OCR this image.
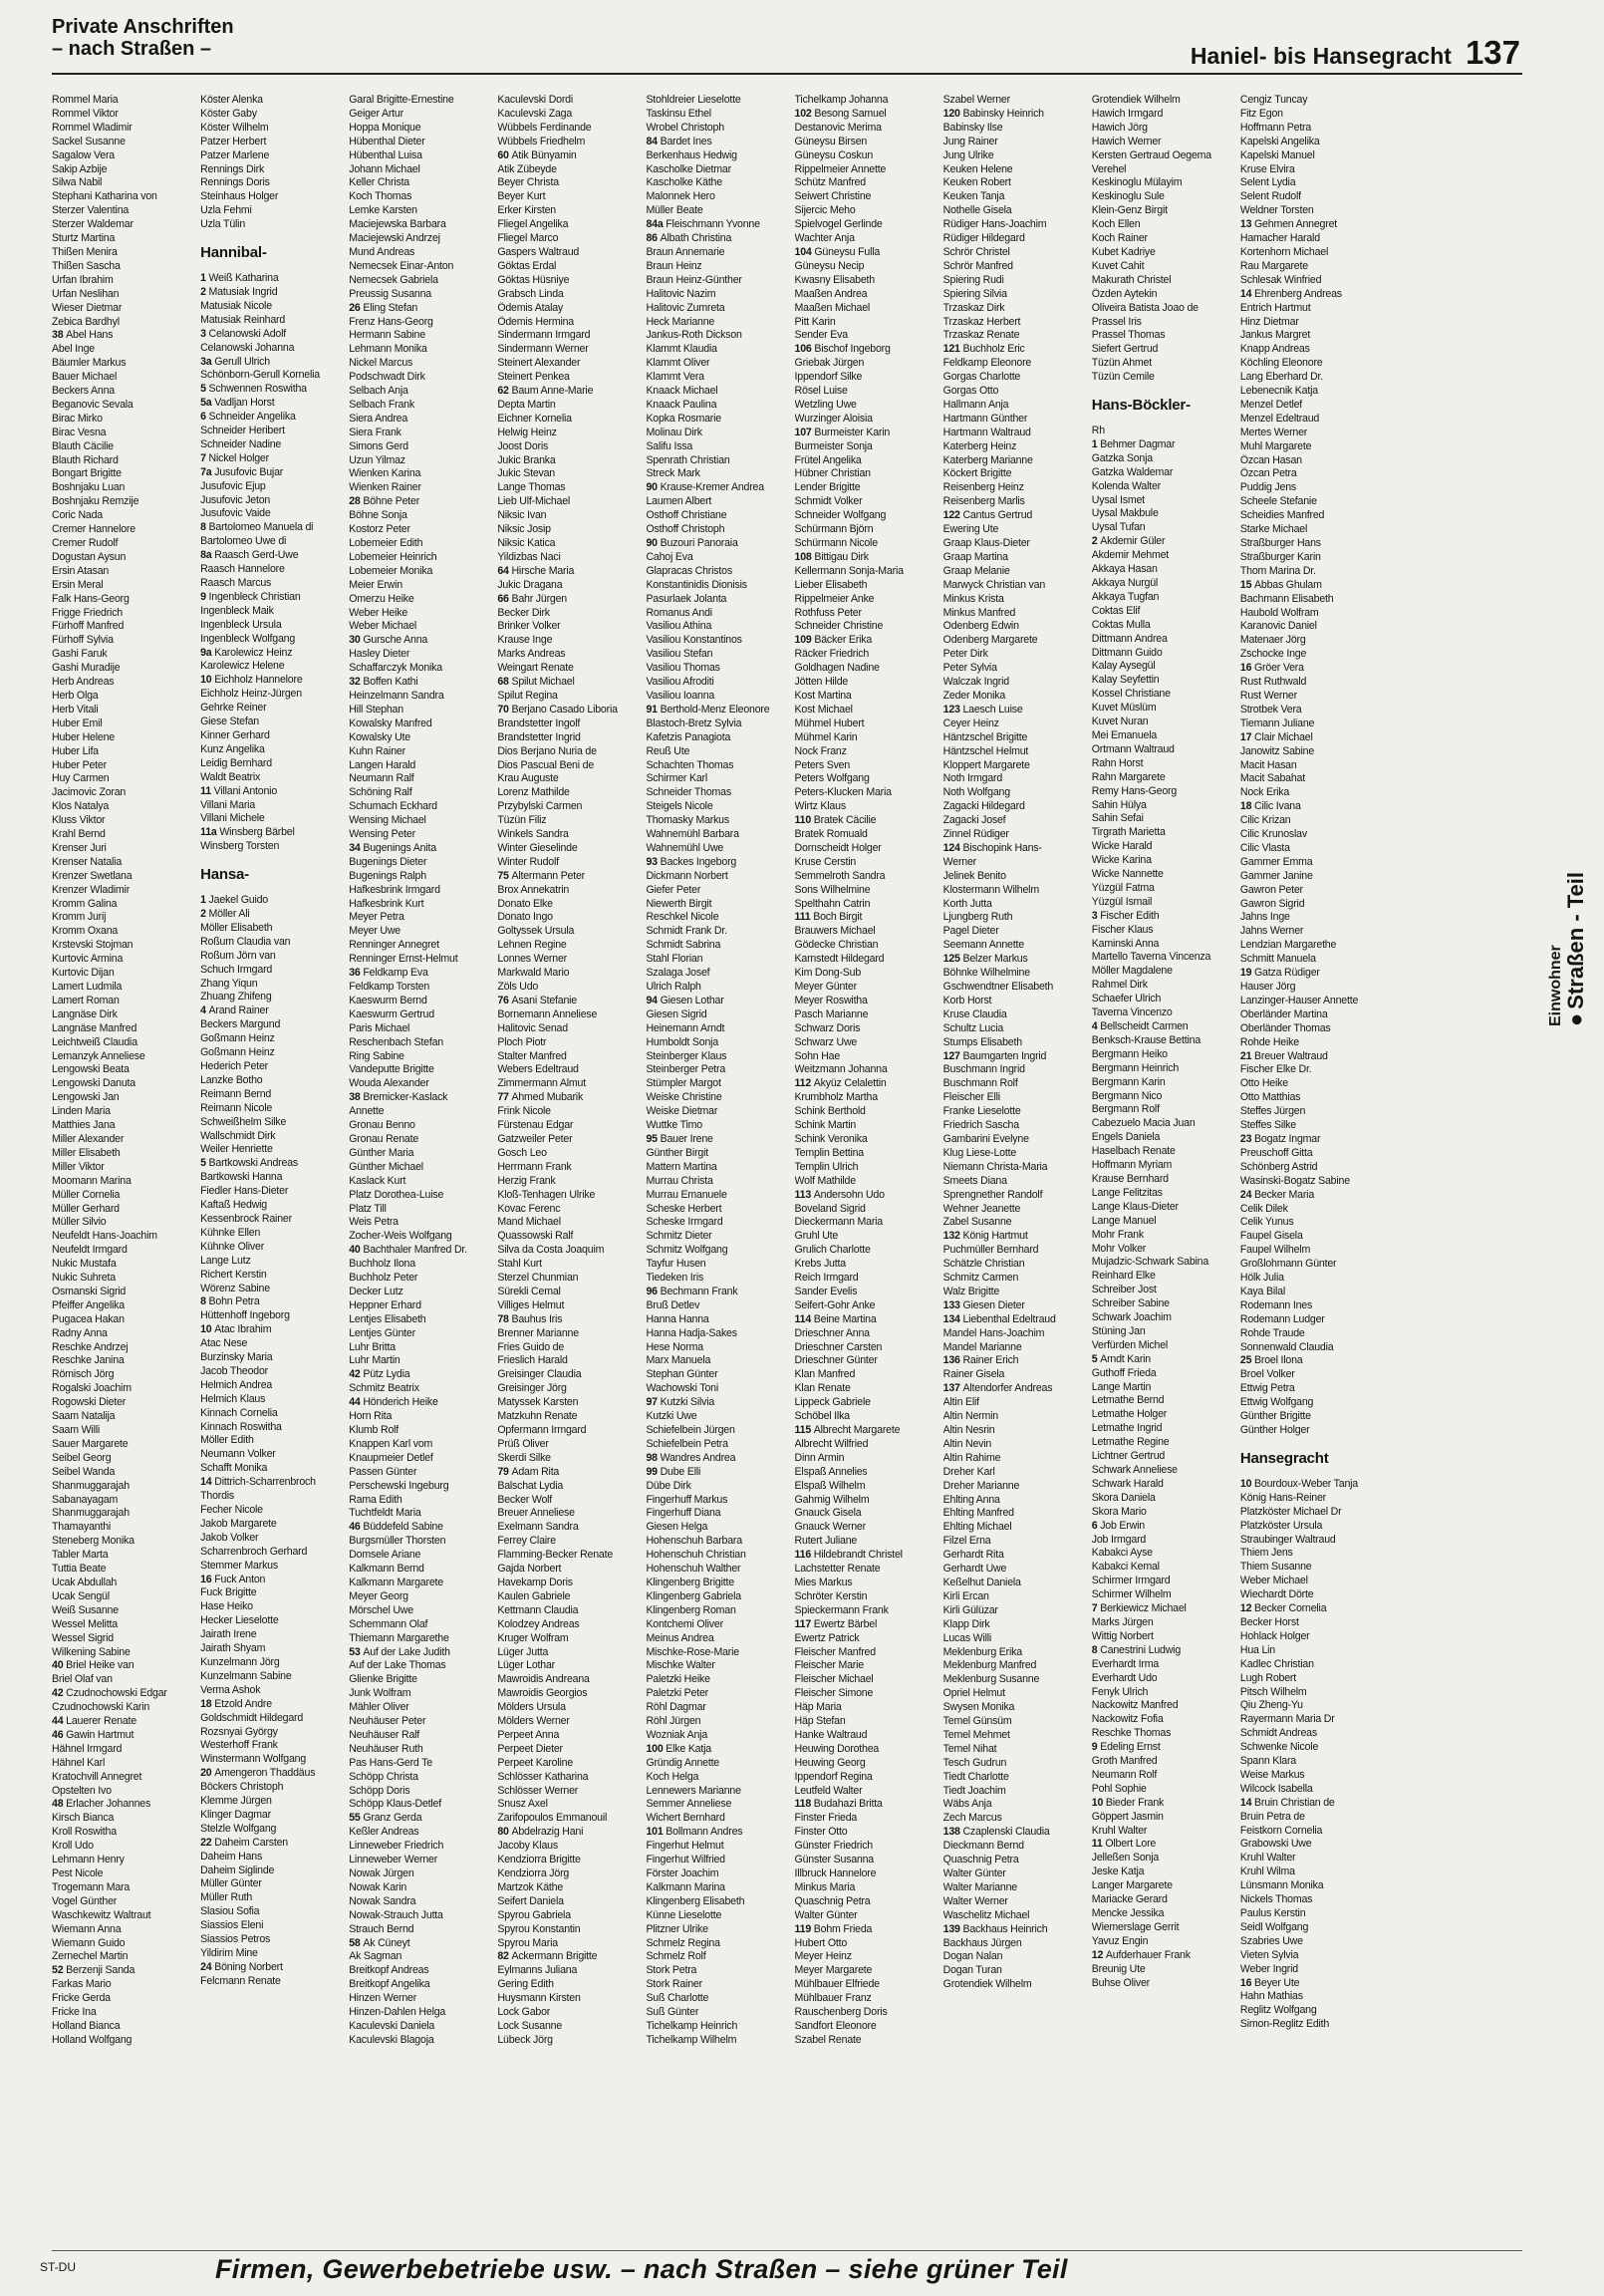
Private Anschriften
– nach Straßen –	Haniel- bis Hansegracht 137
Rommel Maria
Rommel Viktor
Rommel Wladimir
Sackel Susanne
Sagalow Vera
Sakip Azbije
Silwa Nabil
Stephani Katharina von
Sterzer Valentina
Sterzer Waldemar
Sturtz Martina
Thißen Menira
Thißen Sascha
Urfan Ibrahim
Urfan Neslihan
Wieser Dietmar
Zebica Bardhyl
38 Abel Hans
Abel Inge
Bäumler Markus
Bauer Michael
Beckers Anna
Beganovic Sevala
Birac Mirko
Birac Vesna
Blauth Cäcilie
Blauth Richard
Bongart Brigitte
Boshnjaku Luan
Boshnjaku Remzije
Coric Nada
Cremer Hannelore
Cremer Rudolf
Dogustan Aysun
Ersin Atasan
Ersin Meral
Falk Hans-Georg
Frigge Friedrich
Fürhoff Manfred
Fürhoff Sylvia
Gashi Faruk
Gashi Muradije
Herb Andreas
Herb Olga
Herb Vitali
Huber Emil
Huber Helene
Huber Lifa
Huber Peter
Huy Carmen
Jacimovic Zoran
Klos Natalya
Kluss Viktor
Krahl Bernd
Krenser Juri
Krenser Natalia
Krenzer Swetlana
Krenzer Wladimir
Kromm Galina
Kromm Jurij
Kromm Oxana
Krstevski Stojman
Kurtovic Armina
Kurtovic Dijan
Lamert Ludmila
Lamert Roman
Langnäse Dirk
Langnäse Manfred
Leichtweiß Claudia
Lemanzyk Anneliese
Lengowski Beata
Lengowski Danuta
Lengowski Jan
Linden Maria
Matthies Jana
Miller Alexander
Miller Elisabeth
Miller Viktor
Moomann Marina
Müller Cornelia
Müller Gerhard
Müller Silvio
Neufeldt Hans-Joachim
Neufeldt Irmgard
Nukic Mustafa
Nukic Suhreta
Osmanski Sigrid
Pfeiffer Angelika
Pugacea Hakan
Radny Anna
Reschke Andrzej
Reschke Janina
Römisch Jörg
Rogalski Joachim
Rogowski Dieter
Saam Natalija
Saam Willi
Sauer Margarete
Seibel Georg
Seibel Wanda
Shanmuggarajah
Sabanayagam
Shanmuggarajah
Thamayanthi
Steneberg Monika
Tabler Marta
Tuttia Beate
Ucak Abdullah
Ucak Sengül
Weiß Susanne
Wessel Melitta
Wessel Sigrid
Wilkening Sabine
40 Briel Heike van
Briel Olaf van
42 Czudnochowski Edgar
Czudnochowski Karin
44 Lauerer Renate
46 Gawin Hartmut
Hähnel Irmgard
Hähnel Karl
Kratochvill Annegret
Opstelten Ivo
48 Erlacher Johannes
Kirsch Bianca
Kroll Roswitha
Kroll Udo
Lehmann Henry
Pest Nicole
Trogemann Mara
Vogel Günther
Waschkewitz Waltraut
Wiemann Anna
Wiemann Guido
Zernechel Martin
52 Berzenji Sanda
Farkas Mario
Fricke Gerda
Fricke Ina
Holland Bianca
Holland Wolfgang
Köster Alenka
Köster Gaby
Köster Wilhelm
Patzer Herbert
Patzer Marlene
Rennings Dirk
Rennings Doris
Steinhaus Holger
Uzla Fehmi
Uzla Tülin
Hannibal-
1 Weiß Katharina
2 Matusiak Ingrid
Matusiak Nicole
Matusiak Reinhard
3 Celanowski Adolf
Celanowski Johanna
3a Gerull Ulrich
Schönborn-Gerull Kornelia
5 Schwennen Roswitha
5a Vadljan Horst
6 Schneider Angelika
Schneider Heribert
Schneider Nadine
7 Nickel Holger
7a Jusufovic Bujar
Jusufovic Ejup
Jusufovic Jeton
Jusufovic Vaide
8 Bartolomeo Manuela di
Bartolomeo Uwe di
8a Raasch Gerd-Uwe
Raasch Hannelore
Raasch Marcus
9 Ingenbleck Christian
Ingenbleck Maik
Ingenbleck Ursula
Ingenbleck Wolfgang
9a Karolewicz Heinz
Karolewicz Helene
10 Eichholz Hannelore
Eichholz Heinz-Jürgen
Gehrke Reiner
Giese Stefan
Kinner Gerhard
Kunz Angelika
Leidig Bernhard
Waldt Beatrix
11 Villani Antonio
Villani Maria
Villani Michele
11a Winsberg Bärbel
Winsberg Torsten
Hansa-
1 Jaekel Guido
2 Möller Ali
Möller Elisabeth
Roßum Claudia van
Roßum Jörn van
Schuch Irmgard
Zhang Yiqun
Zhuang Zhifeng
4 Arand Rainer
Beckers Margund
Goßmann Heinz
Goßmann Heinz
Hederich Peter
Lanzke Botho
Reimann Bernd
Reimann Nicole
Schweißhelm Silke
Wallschmidt Dirk
Weiler Henriette
5 Bartkowski Andreas
Bartkowski Hanna
Fiedler Hans-Dieter
Kaftaß Hedwig
Kessenbrock Rainer
Kühnke Ellen
Kühnke Oliver
Lange Lutz
Richert Kerstin
Wörenz Sabine
8 Bohn Petra
Hüttenhoff Ingeborg
10 Atac Ibrahim
Atac Nese
Burzinsky Maria
Jacob Theodor
Helmich Andrea
Helmich Klaus
Kinnach Cornelia
Kinnach Roswitha
Möller Edith
Neumann Volker
Schafft Monika
14 Dittrich-Scharrenbroch
Thordis
Fecher Nicole
Jakob Margarete
Jakob Volker
Scharrenbroch Gerhard
Stemmer Markus
16 Fuck Anton
Fuck Brigitte
Hase Heiko
Hecker Lieselotte
Jairath Irene
Jairath Shyam
Kunzelmann Jörg
Kunzelmann Sabine
Verma Ashok
18 Etzold Andre
Goldschmidt Hildegard
Rozsnyai György
Westerhoff Frank
Winstermann Wolfgang
20 Amengeron Thaddäus
Böckers Christoph
Klemme Jürgen
Klinger Dagmar
Stelzle Wolfgang
22 Daheim Carsten
Daheim Hans
Daheim Siglinde
Müller Günter
Müller Ruth
Slasiou Sofia
Siassios Eleni
Siassios Petros
Yildirim Mine
24 Böning Norbert
Felcmann Renate
Garal Brigitte-Ernestine
Geiger Artur
Hoppa Monique
Hübenthal Dieter
Hübenthal Luisa
Johann Michael
Keller Christa
Koch Thomas
Lemke Karsten
Maciejewska Barbara
Maciejewski Andrzej
Mund Andreas
Nemecsek Einar-Anton
Nemecsek Gabriela
Preussig Susanna
26 Eling Stefan
Frenz Hans-Georg
Hermann Sabine
Lehmann Monika
Nickel Marcus
Podschwadt Dirk
Selbach Anja
Selbach Frank
Siera Andrea
Siera Frank
Simons Gerd
Uzun Yilmaz
Wienken Karina
Wienken Rainer
28 Böhne Peter
Böhne Sonja
Kostorz Peter
Lobemeier Edith
Lobemeier Heinrich
Lobemeier Monika
Meier Erwin
Omerzu Heike
Weber Heike
Weber Michael
30 Gursche Anna
Hasley Dieter
Schaffarczyk Monika
32 Boffen Kathi
Heinzelmann Sandra
Hill Stephan
Kowalsky Manfred
Kowalsky Ute
Kuhn Rainer
Langen Harald
Neumann Ralf
Schöning Ralf
Schumach Eckhard
Wensing Michael
Wensing Peter
34 Bugenings Anita
Bugenings Dieter
Bugenings Ralph
Hafkesbrink Irmgard
Hafkesbrink Kurt
Meyer Petra
Meyer Uwe
Renninger Annegret
Renninger Ernst-Helmut
36 Feldkamp Eva
Feldkamp Torsten
Kaeswurm Bernd
Kaeswurm Gertrud
Paris Michael
Reschenbach Stefan
Ring Sabine
Vandeputte Brigitte
Wouda Alexander
38 Bremicker-Kaslack
Annette
Gronau Benno
Gronau Renate
Günther Maria
Günther Michael
Kaslack Kurt
Platz Dorothea-Luise
Platz Till
Weis Petra
Zocher-Weis Wolfgang
40 Bachthaler Manfred Dr.
Buchholz Ilona
Buchholz Peter
Decker Lutz
Heppner Erhard
Lentjes Elisabeth
Lentjes Günter
Luhr Britta
Luhr Martin
42 Pütz Lydia
Schmitz Beatrix
44 Hönderich Heike
Horn Rita
Klumb Rolf
Knappen Karl vom
Knaupmeier Detlef
Passen Günter
Perschewski Ingeburg
Rama Edith
Tuchtfeldt Maria
46 Büddefeld Sabine
Burgsmüller Thorsten
Domsele Ariane
Kalkmann Bernd
Kalkmann Margarete
Meyer Georg
Mörschel Uwe
Schemmann Olaf
Thiemann Margarethe
53 Auf der Lake Judith
Auf der Lake Thomas
Glienke Brigitte
Junk Wolfram
Mähler Oliver
Neuhäuser Peter
Neuhäuser Ralf
Neuhäuser Ruth
Pas Hans-Gerd Te
Schöpp Christa
Schöpp Doris
Schöpp Klaus-Detlef
55 Granz Gerda
Keßler Andreas
Linneweber Friedrich
Linneweber Werner
Nowak Jürgen
Nowak Karin
Nowak Sandra
Nowak-Strauch Jutta
Strauch Bernd
58 Ak Cüneyt
Ak Sagman
Breitkopf Andreas
Breitkopf Angelika
Hinzen Werner
Hinzen-Dahlen Helga
Kaculevski Daniela
Kaculevski Blagoja
Kaculevski Dordi
Kaculevski Zaga
Wübbels Ferdinande
Wübbels Friedhelm
60 Atik Bünyamin
Atik Zübeyde
Beyer Christa
Beyer Kurt
Erker Kirsten
Fliegel Angelika
Fliegel Marco
Gaspers Waltraud
Göktas Erdal
Göktas Hüsniye
Grabsch Linda
Ödemis Atalay
Ödemis Hermina
Sindermann Irmgard
Sindermann Werner
Steinert Alexander
Steinert Penkea
62 Baum Anne-Marie
Depta Martin
Eichner Kornelia
Helwig Heinz
Joost Doris
Jukic Branka
Jukic Stevan
Lange Thomas
Lieb Ulf-Michael
Niksic Ivan
Niksic Josip
Niksic Katica
Yildizbas Naci
64 Hirsche Maria
Jukic Dragana
66 Bahr Jürgen
Becker Dirk
Brinker Volker
Krause Inge
Marks Andreas
Weingart Renate
68 Spilut Michael
Spilut Regina
70 Berjano Casado Liboria
Brandstetter Ingolf
Brandstetter Ingrid
Dios Berjano Nuria de
Dios Pascual Beni de
Krau Auguste
Lorenz Mathilde
Przybylski Carmen
Tüzün Filiz
Winkels Sandra
Winter Gieselinde
Winter Rudolf
75 Altermann Peter
Brox Annekatrin
Donato Elke
Donato Ingo
Goltyssek Ursula
Lehnen Regine
Lonnes Werner
Markwald Mario
Zöls Udo
76 Asani Stefanie
Bornemann Anneliese
Halitovic Senad
Ploch Piotr
Stalter Manfred
Webers Edeltraud
Zimmermann Almut
77 Ahmed Mubarik
Frink Nicole
Fürstenau Edgar
Gatzweiler Peter
Gosch Leo
Herrmann Frank
Herzig Frank
Kloß-Tenhagen Ulrike
Kovac Ferenc
Mand Michael
Quassowski Ralf
Silva da Costa Joaquim
Stahl Kurt
Sterzel Chunmian
Sürekli Cemal
Villiges Helmut
78 Bauhus Iris
Brenner Marianne
Fries Guido de
Frieslich Harald
Greisinger Claudia
Greisinger Jörg
Matyssek Karsten
Matzkuhn Renate
Opfermann Irmgard
Prüß Oliver
Skerdi Silke
79 Adam Rita
Balschat Lydia
Becker Wolf
Breuer Anneliese
Exelmann Sandra
Ferrey Claire
Flamming-Becker Renate
Gajda Norbert
Havekamp Doris
Kaulen Gabriele
Kettmann Claudia
Kolodzey Andreas
Kruger Wolfram
Lüger Jutta
Lüger Lothar
Mawroidis Andreana
Mawroidis Georgios
Mölders Ursula
Mölders Werner
Perpeet Anna
Perpeet Dieter
Perpeet Karoline
Schlösser Katharina
Schlösser Werner
Snusz Axel
Zarifopoulos Emmanouil
80 Abdelrazig Hani
Jacoby Klaus
Kendziorra Brigitte
Kendziorra Jörg
Martzok Käthe
Seifert Daniela
Spyrou Gabriela
Spyrou Konstantin
Spyrou Maria
82 Ackermann Brigitte
Eylmanns Juliana
Gering Edith
Huysmann Kirsten
Lock Gabor
Lock Susanne
Lübeck Jörg
Stohldreier Lieselotte
Taskinsu Ethel
Wrobel Christoph
84 Bardet Ines
Berkenhaus Hedwig
Kascholke Dietmar
Kascholke Käthe
Malonnek Hero
Müller Beate
84a Fleischmann Yvonne
86 Albath Christina
Braun Annemarie
Braun Heinz
Braun Heinz-Günther
Halitovic Nazim
Halitovic Zumreta
Heck Marianne
Jankus-Roth Dickson
Klammt Klaudia
Klammt Oliver
Klammt Vera
Knaack Michael
Knaack Paulina
Kopka Rosmarie
Molinau Dirk
Salifu Issa
Spenrath Christian
Streck Mark
90 Krause-Kremer Andrea
Laumen Albert
Osthoff Christiane
Osthoff Christoph
90 Buzouri Panoraia
Cahoj Eva
Glapracas Christos
Konstantinidis Dionisis
Pasurlaek Jolanta
Romanus Andi
Vasiliou Athina
Vasiliou Konstantinos
Vasiliou Stefan
Vasiliou Thomas
Vasiliou Afroditi
Vasiliou Ioanna
91 Berthold-Menz Eleonore
Blastoch-Bretz Sylvia
Kafetzis Panagiota
Reuß Ute
Schachten Thomas
Schirmer Karl
Schneider Thomas
Steigels Nicole
Thomasky Markus
Wahnemühl Barbara
Wahnemühl Uwe
93 Backes Ingeborg
Dickmann Norbert
Giefer Peter
Niewerth Birgit
Reschkel Nicole
Schmidt Frank Dr.
Schmidt Sabrina
Stahl Florian
Szalaga Josef
Ulrich Ralph
94 Giesen Lothar
Giesen Sigrid
Heinemann Arndt
Humboldt Sonja
Steinberger Klaus
Steinberger Petra
Stümpler Margot
Weiske Christine
Weiske Dietmar
Wuttke Timo
95 Bauer Irene
Günther Birgit
Mattern Martina
Murrau Christa
Murrau Emanuele
Scheske Herbert
Scheske Irmgard
Schmitz Dieter
Schmitz Wolfgang
Tayfur Husen
Tiedeken Iris
96 Bechmann Frank
Bruß Detlev
Hanna Hanna
Hanna Hadja-Sakes
Hese Norma
Marx Manuela
Stephan Günter
Wachowski Toni
97 Kutzki Silvia
Kutzki Uwe
Schiefelbein Jürgen
Schiefelbein Petra
98 Wandres Andrea
99 Dube Elli
Dübe Dirk
Fingerhuff Markus
Fingerhuff Diana
Giesen Helga
Hohenschuh Barbara
Hohenschuh Christian
Hohenschuh Walther
Klingenberg Brigitte
Klingenberg Gabriela
Klingenberg Roman
Kontchemi Oliver
Meinus Andrea
Mischke-Rose-Marie
Mischke Walter
Paletzki Heike
Paletzki Peter
Röhl Dagmar
Röhl Jürgen
Wozniak Anja
100 Elke Katja
Gründig Annette
Koch Helga
Lennewers Marianne
Semmer Anneliese
Wichert Bernhard
101 Bollmann Andres
Fingerhut Helmut
Fingerhut Wilfried
Förster Joachim
Kalkmann Marina
Klingenberg Elisabeth
Künne Lieselotte
Plitzner Ulrike
Schmelz Regina
Schmelz Rolf
Stork Petra
Stork Rainer
Suß Charlotte
Suß Günter
Tichelkamp Heinrich
Tichelkamp Wilhelm
Tichelkamp Johanna
102 Besong Samuel
Destanovic Merima
Güneysu Birsen
Güneysu Coskun
Rippelmeier Annette
Schütz Manfred
Seiwert Christine
Sijercic Meho
Spielvogel Gerlinde
Wachter Anja
104 Güneysu Fulla
Güneysu Necip
Kwasny Elisabeth
Maaßen Andrea
Maaßen Michael
Pitt Karin
Sender Eva
106 Bischof Ingeborg
Griebak Jürgen
Ippendorf Silke
Rösel Luise
Wetzling Uwe
Wurzinger Aloisia
107 Burmeister Karin
Burmeister Sonja
Frütel Angelika
Hübner Christian
Lender Brigitte
Schmidt Volker
Schneider Wolfgang
Schürmann Björn
Schürmann Nicole
108 Bittigau Dirk
Kellermann Sonja-Maria
Lieber Elisabeth
Rippelmeier Anke
Rothfuss Peter
Schneider Christine
109 Bäcker Erika
Räcker Friedrich
Goldhagen Nadine
Jötten Hilde
Kost Martina
Kost Michael
Mühmel Hubert
Mühmel Karin
Nock Franz
Peters Sven
Peters Wolfgang
Peters-Klucken Maria
Wirtz Klaus
110 Bratek Cäcilie
Bratek Romuald
Dornscheidt Holger
Kruse Cerstin
Semmelroth Sandra
Sons Wilhelmine
Spelthahn Catrin
111 Boch Birgit
Brauwers Michael
Gödecke Christian
Karnstedt Hildegard
Kim Dong-Sub
Meyer Günter
Meyer Roswitha
Pasch Marianne
Schwarz Doris
Schwarz Uwe
Sohn Hae
Weitzmann Johanna
112 Akyüz Celalettin
Krumbholz Martha
Schink Berthold
Schink Martin
Schink Veronika
Templin Bettina
Templin Ulrich
Wolf Mathilde
113 Andersohn Udo
Boveland Sigrid
Dieckermann Maria
Gruhl Ute
Grulich Charlotte
Krebs Jutta
Reich Irmgard
Sander Evelis
Seifert-Gohr Anke
114 Beine Martina
Drieschner Anna
Drieschner Carsten
Drieschner Günter
Klan Manfred
Klan Renate
Lippeck Gabriele
Schöbel Ilka
115 Albrecht Margarete
Albrecht Wilfried
Dinn Armin
Elspaß Annelies
Elspaß Wilhelm
Gahmig Wilhelm
Gnauck Gisela
Gnauck Werner
Rutert Juliane
116 Hildebrandt Christel
Lachstetter Renate
Mies Markus
Schröter Kerstin
Spieckermann Frank
117 Ewertz Bärbel
Ewertz Patrick
Fleischer Manfred
Fleischer Marie
Fleischer Michael
Fleischer Simone
Häp Maria
Häp Stefan
Hanke Waltraud
Heuwing Dorothea
Heuwing Georg
Ippendorf Regina
Leutfeld Walter
118 Budahazi Britta
Finster Frieda
Finster Otto
Günster Friedrich
Günster Susanna
Illbruck Hannelore
Minkus Maria
Quaschnig Petra
Walter Günter
119 Bohm Frieda
Hubert Otto
Meyer Heinz
Meyer Margarete
Mühlbauer Elfriede
Mühlbauer Franz
Rauschenberg Doris
Sandfort Eleonore
Szabel Renate
Szabel Werner
120 Babinsky Heinrich
Babinsky Ilse
Jung Rainer
Jung Ulrike
Keuken Helene
Keuken Robert
Keuken Tanja
Nothelle Gisela
Rüdiger Hans-Joachim
Rüdiger Hildegard
Schrör Christel
Schrör Manfred
Spiering Rudi
Spiering Silvia
Trzaskaz Dirk
Trzaskaz Herbert
Trzaskaz Renate
121 Buchholz Eric
Feldkamp Eleonore
Gorgas Charlotte
Gorgas Otto
Hallmann Anja
Hartmann Günther
Hartmann Waltraud
Katerberg Heinz
Katerberg Marianne
Köckert Brigitte
Reisenberg Heinz
Reisenberg Marlis
122 Cantus Gertrud
Ewering Ute
Graap Klaus-Dieter
Graap Martina
Graap Melanie
Marwyck Christian van
Minkus Krista
Minkus Manfred
Odenberg Edwin
Odenberg Margarete
Peter Dirk
Peter Sylvia
Walczak Ingrid
Zeder Monika
123 Laesch Luise
Ceyer Heinz
Häntzschel Brigitte
Häntzschel Helmut
Kloppert Margarete
Noth Irmgard
Noth Wolfgang
Zagacki Hildegard
Zagacki Josef
Zinnel Rüdiger
124 Bischopink Hans-
Werner
Jelinek Benito
Klostermann Wilhelm
Korth Jutta
Ljungberg Ruth
Pagel Dieter
Seemann Annette
125 Belzer Markus
Böhnke Wilhelmine
Gschwendtner Elisabeth
Korb Horst
Kruse Claudia
Schultz Lucia
Stumps Elisabeth
127 Baumgarten Ingrid
Buschmann Ingrid
Buschmann Rolf
Fleischer Elli
Franke Lieselotte
Friedrich Sascha
Gambarini Evelyne
Klug Liese-Lotte
Niemann Christa-Maria
Smeets Diana
Sprengnether Randolf
Wehner Jeanette
Zabel Susanne
132 König Hartmut
Puchmüller Bernhard
Schätzle Christian
Schmitz Carmen
Walz Brigitte
133 Giesen Dieter
134 Liebenthal Edeltraud
Mandel Hans-Joachim
Mandel Marianne
136 Rainer Erich
Rainer Gisela
137 Altendorfer Andreas
Altin Elif
Altin Nermin
Altin Nesrin
Altin Nevin
Altin Rahime
Dreher Karl
Dreher Marianne
Ehlting Anna
Ehlting Manfred
Ehlting Michael
Filzel Erna
Gerhardt Rita
Gerhardt Uwe
Keßelhut Daniela
Kirli Ercan
Kirli Gülüzar
Klapp Dirk
Lucas Willi
Meklenburg Erika
Meklenburg Manfred
Meklenburg Susanne
Opriel Helmut
Swysen Monika
Temel Günsüm
Temel Mehmet
Temel Nihat
Tesch Gudrun
Tiedt Charlotte
Tiedt Joachim
Wäbs Anja
Zech Marcus
138 Czaplenski Claudia
Dieckmann Bernd
Quaschnig Petra
Walter Günter
Walter Marianne
Walter Werner
Waschelitz Michael
139 Backhaus Heinrich
Backhaus Jürgen
Dogan Nalan
Dogan Turan
Grotendiek Wilhelm
Grotendiek Wilhelm
Hawich Irmgard
Hawich Jörg
Hawich Werner
Kersten Gertraud Oegema
Verehel
Keskinoglu Mülayim
Keskinoglu Sule
Klein-Genz Birgit
Koch Ellen
Koch Rainer
Kubet Kadriye
Kuvet Cahit
Makurath Christel
Özden Aytekin
Oliveira Batista Joao de
Prassel Iris
Prassel Thomas
Siefert Gertrud
Tüzün Ahmet
Tüzün Cemile
Hans-Böckler-
Rh
1 Behmer Dagmar
Gatzka Sonja
Gatzka Waldemar
Kolenda Walter
Uysal Ismet
Uysal Makbule
Uysal Tufan
2 Akdemir Güler
Akdemir Mehmet
Akkaya Hasan
Akkaya Nurgül
Akkaya Tugfan
Coktas Elif
Coktas Mulla
Dittmann Andrea
Dittmann Guido
Kalay Aysegül
Kalay Seyfettin
Kossel Christiane
Kuvet Müslüm
Kuvet Nuran
Mei Emanuela
Ortmann Waltraud
Rahn Horst
Rahn Margarete
Remy Hans-Georg
Sahin Hülya
Sahin Sefai
Tirgrath Marietta
Wicke Harald
Wicke Karina
Wicke Nannette
Yüzgül Fatma
Yüzgül Ismail
3 Fischer Edith
Fischer Klaus
Kaminski Anna
Martello Taverna Vincenza
Möller Magdalene
Rahmel Dirk
Schaefer Ulrich
Taverna Vincenzo
4 Bellscheidt Carmen
Benksch-Krause Bettina
Bergmann Heiko
Bergmann Heinrich
Bergmann Karin
Bergmann Nico
Bergmann Rolf
Cabezuelo Macia Juan
Engels Daniela
Haselbach Renate
Hoffmann Myriam
Krause Bernhard
Lange Felitzitas
Lange Klaus-Dieter
Lange Manuel
Mohr Frank
Mohr Volker
Mujadzic-Schwark Sabina
Reinhard Elke
Schreiber Jost
Schreiber Sabine
Schwark Joachim
Stüning Jan
Verfürden Michel
5 Arndt Karin
Guthoff Frieda
Lange Martin
Letmathe Bernd
Letmathe Holger
Letmathe Ingrid
Letmathe Regine
Lichtner Gertrud
Schwark Anneliese
Schwark Harald
Skora Daniela
Skora Mario
6 Job Erwin
Job Irmgard
Kabakci Ayse
Kabakci Kemal
Schirmer Irmgard
Schirmer Wilhelm
7 Berkiewicz Michael
Marks Jürgen
Wittig Norbert
8 Canestrini Ludwig
Everhardt Irma
Everhardt Udo
Fenyk Ulrich
Nackowitz Manfred
Nackowitz Fofia
Reschke Thomas
9 Edeling Ernst
Groth Manfred
Neumann Rolf
Pohl Sophie
10 Bieder Frank
Göppert Jasmin
Kruhl Walter
11 Olbert Lore
Jelleßen Sonja
Jeske Katja
Langer Margarete
Mariacke Gerard
Mencke Jessika
Wiemerslage Gerrit
Yavuz Engin
12 Aufderhauer Frank
Breunig Ute
Buhse Oliver
Cengiz Tuncay
Fitz Egon
Hoffmann Petra
Kapelski Angelika
Kapelski Manuel
Kruse Elvira
Selent Lydia
Selent Rudolf
Weldner Torsten
13 Gehmen Annegret
Hamacher Harald
Kortenhorn Michael
Rau Margarete
Schlesak Winfried
14 Ehrenberg Andreas
Entrich Hartmut
Hinz Dietmar
Jankus Margret
Knapp Andreas
Köchling Eleonore
Lang Eberhard Dr.
Lebenecnik Katja
Menzel Detlef
Menzel Edeltraud
Mertes Werner
Muhl Margarete
Özcan Hasan
Özcan Petra
Puddig Jens
Scheele Stefanie
Scheidies Manfred
Starke Michael
Straßburger Hans
Straßburger Karin
Thom Marina Dr.
15 Abbas Ghulam
Bachmann Elisabeth
Haubold Wolfram
Karanovic Daniel
Matenaer Jörg
Zschocke Inge
16 Gröer Vera
Rust Ruthwald
Rust Werner
Strotbek Vera
Tiemann Juliane
17 Clair Michael
Janowitz Sabine
Macit Hasan
Macit Sabahat
Nock Erika
18 Cilic Ivana
Cilic Krizan
Cilic Krunoslav
Cilic Vlasta
Gammer Emma
Gammer Janine
Gawron Peter
Gawron Sigrid
Jahns Inge
Jahns Werner
Lendzian Margarethe
Schmitt Manuela
19 Gatza Rüdiger
Hauser Jörg
Lanzinger-Hauser Annette
Oberländer Martina
Oberländer Thomas
Rohde Heike
21 Breuer Waltraud
Fischer Elke Dr.
Otto Heike
Otto Matthias
Steffes Jürgen
Steffes Silke
23 Bogatz Ingmar
Preuschoff Gitta
Schönberg Astrid
Wasinski-Bogatz Sabine
24 Becker Maria
Celik Dilek
Celik Yunus
Faupel Gisela
Faupel Wilhelm
Großlohmann Günter
Hölk Julia
Kaya Bilal
Rodemann Ines
Rodemann Ludger
Rohde Traude
Sonnenwald Claudia
25 Broel Ilona
Broel Volker
Ettwig Petra
Ettwig Wolfgang
Günther Brigitte
Günther Holger
Hansegracht
10 Bourdoux-Weber Tanja
König Hans-Reiner
Platzköster Michael Dr
Platzköster Ursula
Straubinger Waltraud
Thiem Jens
Thiem Susanne
Weber Michael
Wiechardt Dörte
12 Becker Cornelia
Becker Horst
Hohlack Holger
Hua Lin
Kadlec Christian
Lugh Robert
Pitsch Wilhelm
Qiu Zheng-Yu
Rayermann Maria Dr
Schmidt Andreas
Schwenke Nicole
Spann Klara
Weise Markus
Wilcock Isabella
14 Bruin Christian de
Bruin Petra de
Feistkorn Cornelia
Grabowski Uwe
Kruhl Walter
Kruhl Wilma
Lünsmann Monika
Nickels Thomas
Paulus Kerstin
Seidl Wolfgang
Szabries Uwe
Vieten Sylvia
Weber Ingrid
16 Beyer Ute
Hahn Mathias
Reglitz Wolfgang
Simon-Reglitz Edith
Einwohner ●Straßen - Teil
ST-DU	Firmen, Gewerbebetriebe usw. – nach Straßen – siehe grüner Teil
